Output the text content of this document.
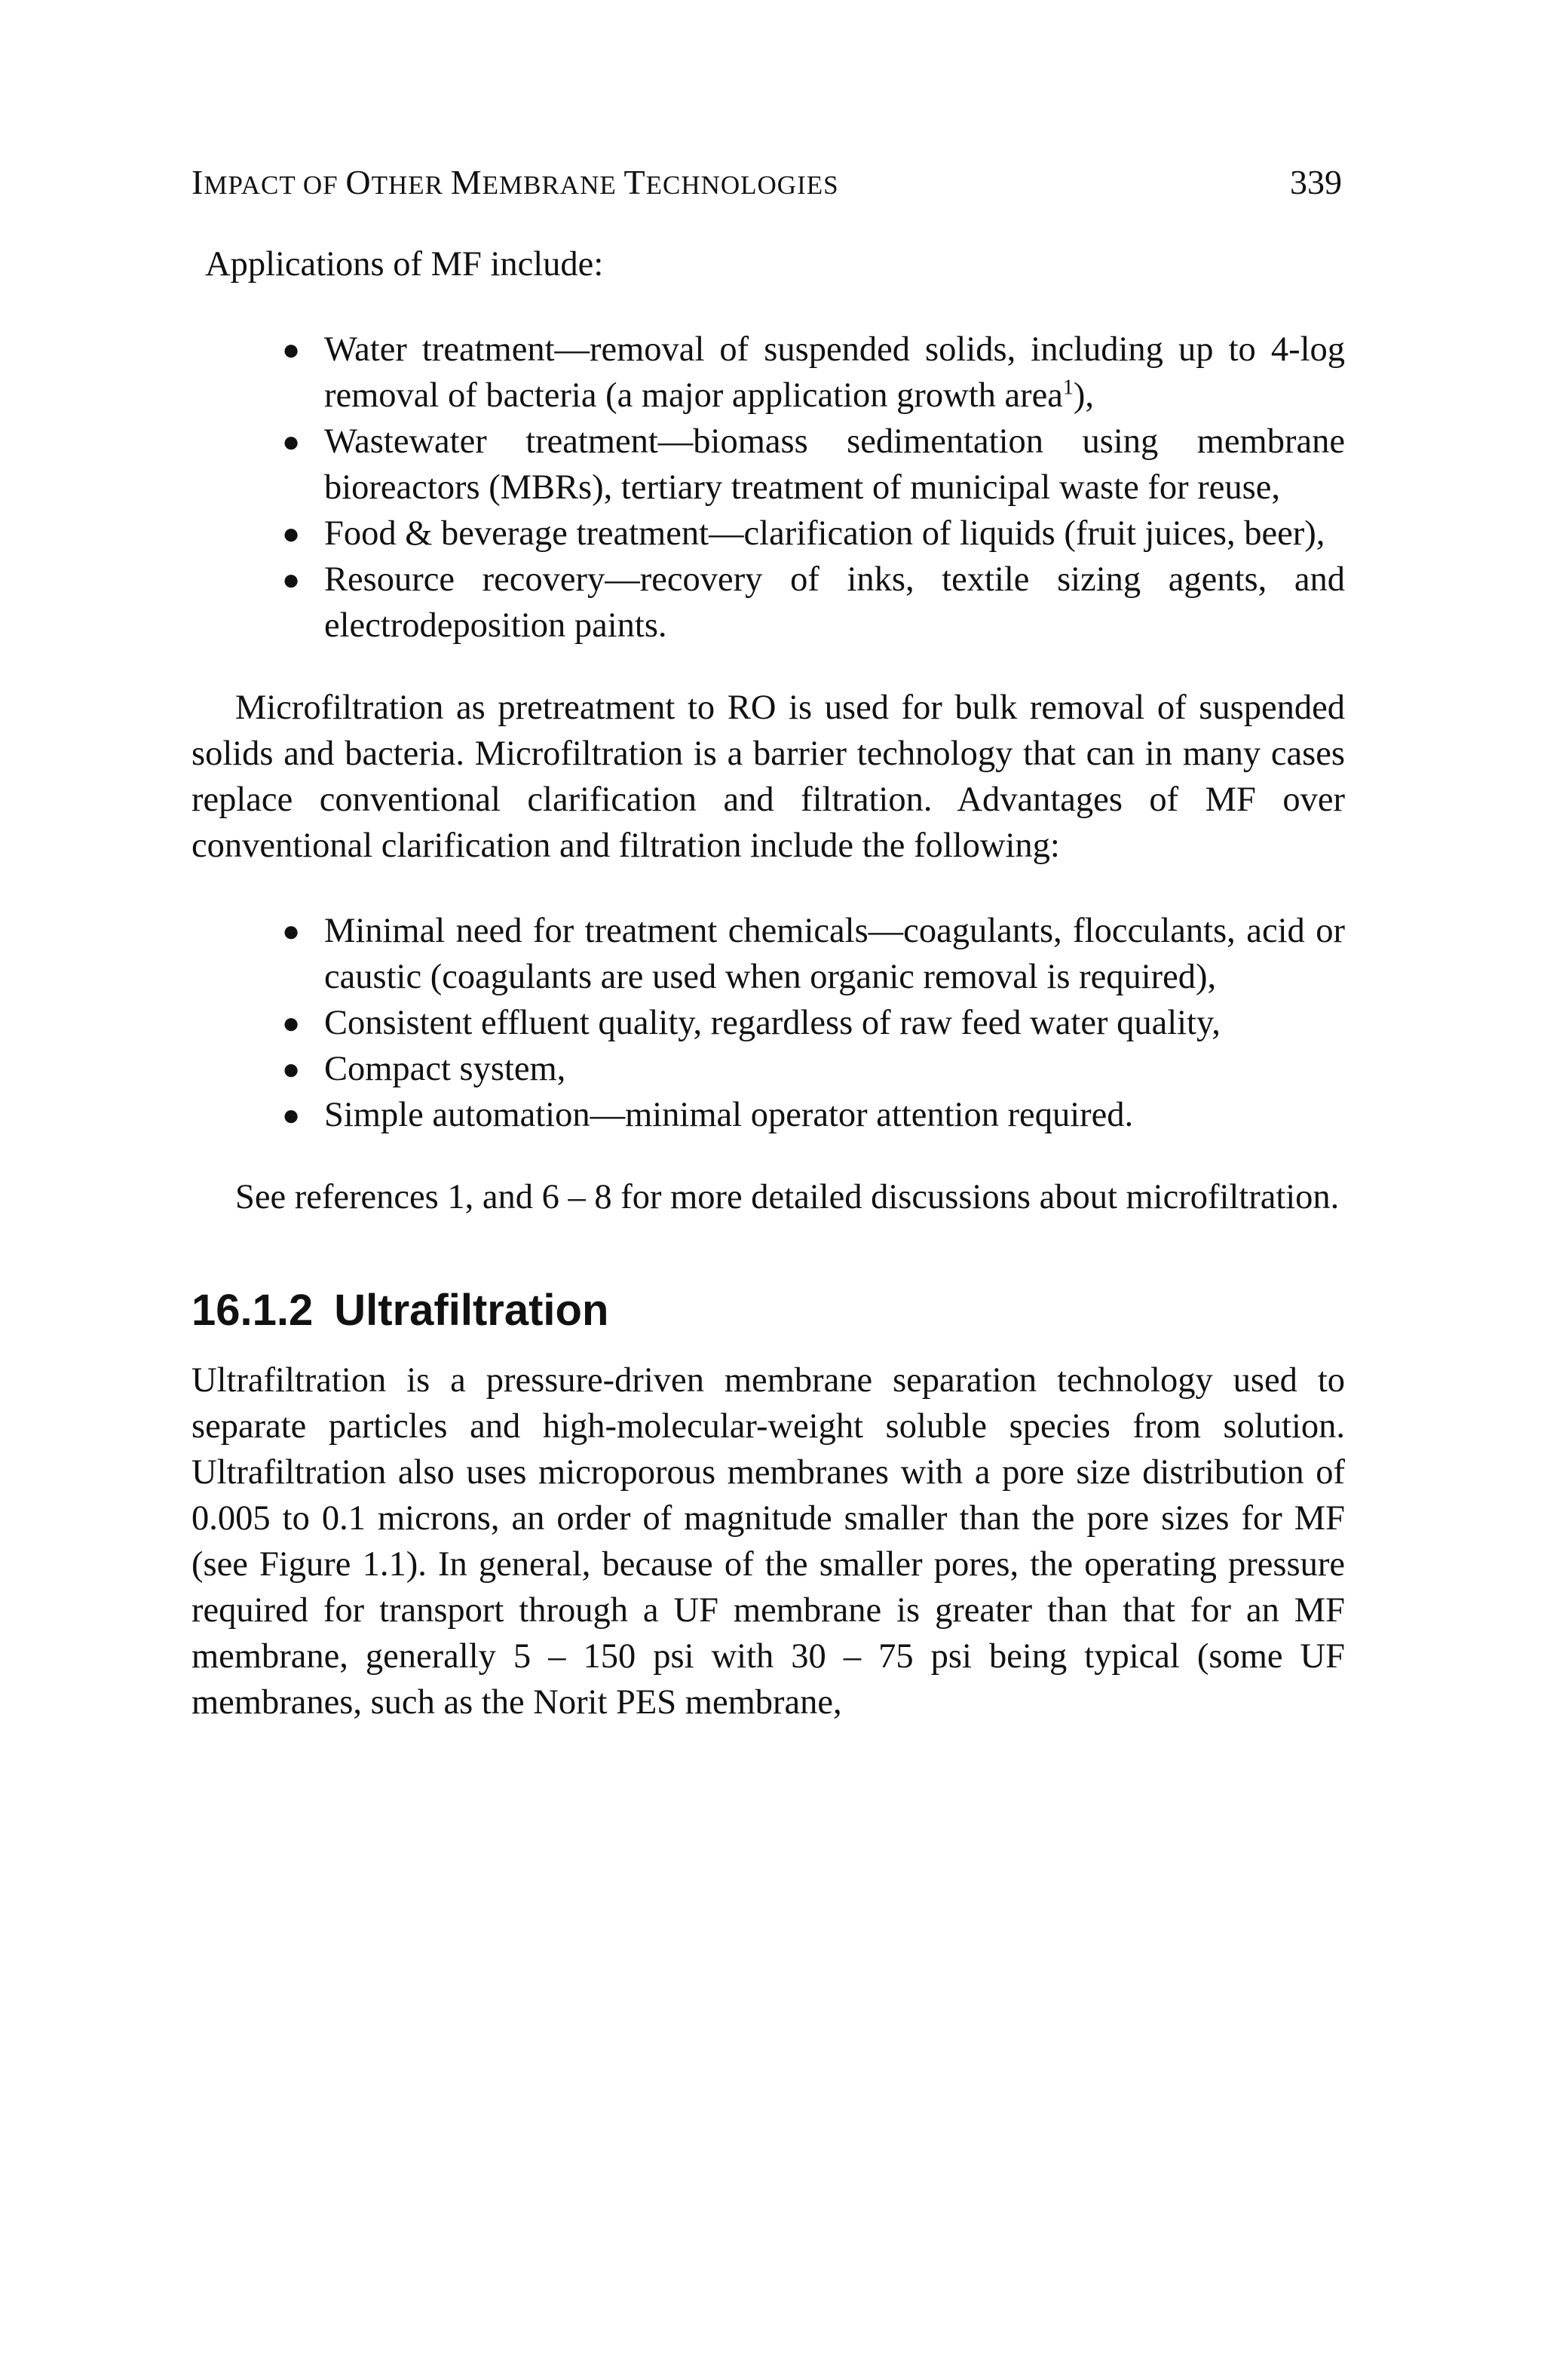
IMPACT OF OTHER MEMBRANE TECHNOLOGIES	339

Applications of MF include:

● Water treatment—removal of suspended solids, including up to 4-log removal of bacteria (a major application growth area$^1$),
● Wastewater treatment—biomass sedimentation using membrane bioreactors (MBRs), tertiary treatment of municipal waste for reuse,
● Food & beverage treatment—clarification of liquids (fruit juices, beer),
● Resource recovery—recovery of inks, textile sizing agents, and electrodeposition paints.

Microfiltration as pretreatment to RO is used for bulk removal of suspended solids and bacteria. Microfiltration is a barrier technology that can in many cases replace conventional clarification and filtration. Advantages of MF over conventional clarification and filtration include the following:

● Minimal need for treatment chemicals—coagulants, flocculants, acid or caustic (coagulants are used when organic removal is required),
● Consistent effluent quality, regardless of raw feed water quality,
● Compact system,
● Simple automation—minimal operator attention required.

See references 1, and 6 – 8 for more detailed discussions about microfiltration.

16.1.2 Ultrafiltration

Ultrafiltration is a pressure-driven membrane separation technology used to separate particles and high-molecular-weight soluble species from solution. Ultrafiltration also uses microporous membranes with a pore size distribution of 0.005 to 0.1 microns, an order of magnitude smaller than the pore sizes for MF (see Figure 1.1). In general, because of the smaller pores, the operating pressure required for transport through a UF membrane is greater than that for an MF membrane, generally 5 – 150 psi with 30 – 75 psi being typical (some UF membranes, such as the Norit PES membrane,
